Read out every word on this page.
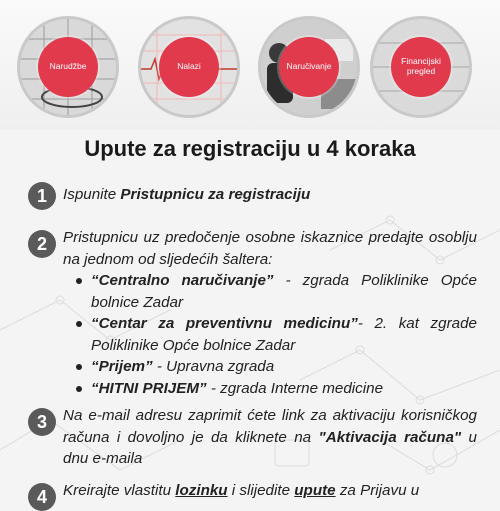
Narudžbe	Nalazi	Naručivanje	Financijski pregled
Upute za registraciju u 4 koraka
1	Ispunite Pristupnicu za registraciju
2	Pristupnicu uz predočenje osobne iskaznice predajte osoblju na jednom od sljedećih šaltera:
“Centralno naručivanje” - zgrada Poliklinike Opće bolnice Zadar
“Centar za preventivnu medicinu”- 2. kat zgrade Poliklinike Opće bolnice Zadar
“Prijem” - Upravna zgrada
“HITNI PRIJEM” - zgrada Interne medicine
3	Na e-mail adresu zaprimit ćete link za aktivaciju korisničkog računa i dovoljno je da kliknete na "Aktivacija računa" u dnu e-maila
4	Kreirajte vlastitu lozinku i slijedite upute za Prijavu u
